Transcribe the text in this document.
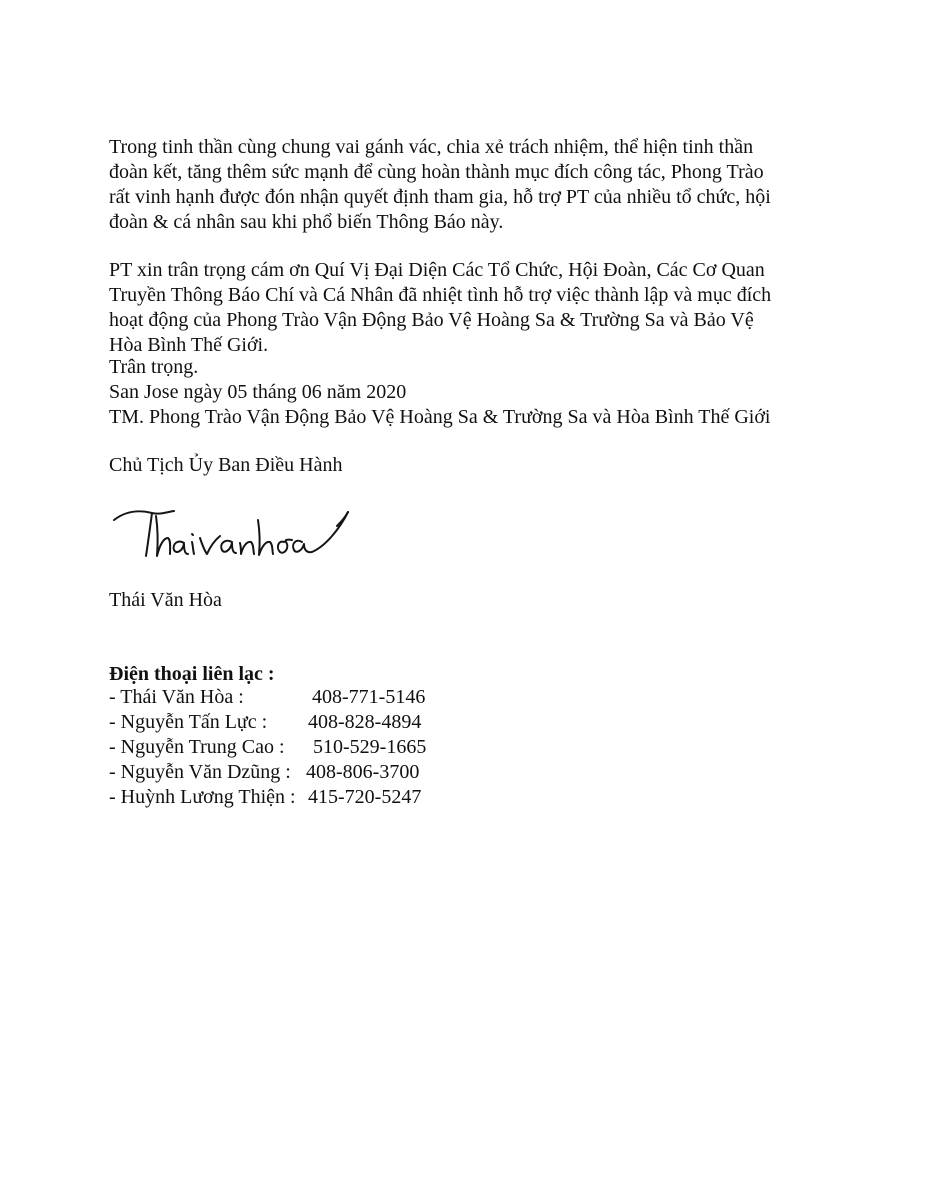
Trong tinh thần cùng chung vai gánh vác, chia xẻ trách nhiệm, thể hiện tinh thần
đoàn kết, tăng thêm sức mạnh để cùng hoàn thành mục đích công tác, Phong Trào
rất vinh hạnh được đón nhận quyết định tham gia, hỗ trợ PT của nhiều tổ chức, hội
đoàn & cá nhân sau khi phổ biến Thông Báo này.

PT xin trân trọng cám ơn Quí Vị Đại Diện Các Tổ Chức, Hội Đoàn, Các Cơ Quan
Truyền Thông Báo Chí và Cá Nhân đã nhiệt tình hỗ trợ việc thành lập và mục đích
hoạt động của Phong Trào Vận Động Bảo Vệ Hoàng Sa & Trường Sa và Bảo Vệ
Hòa Bình Thế Giới.

Trân trọng.
San Jose ngày 05 tháng 06 năm 2020
TM. Phong Trào Vận Động Bảo Vệ Hoàng Sa & Trường Sa và Hòa Bình Thế Giới
Chủ Tịch Ủy Ban Điều Hành
Thái Văn Hòa
Điện thoại liên lạc :
- Thái Văn Hòa :	408-771-5146
- Nguyễn Tấn Lực : 408-828-4894
- Nguyễn Trung Cao : 510-529-1665
- Nguyễn Văn Dzũng : 408-806-3700
- Huỳnh Lương Thiện : 415-720-5247
